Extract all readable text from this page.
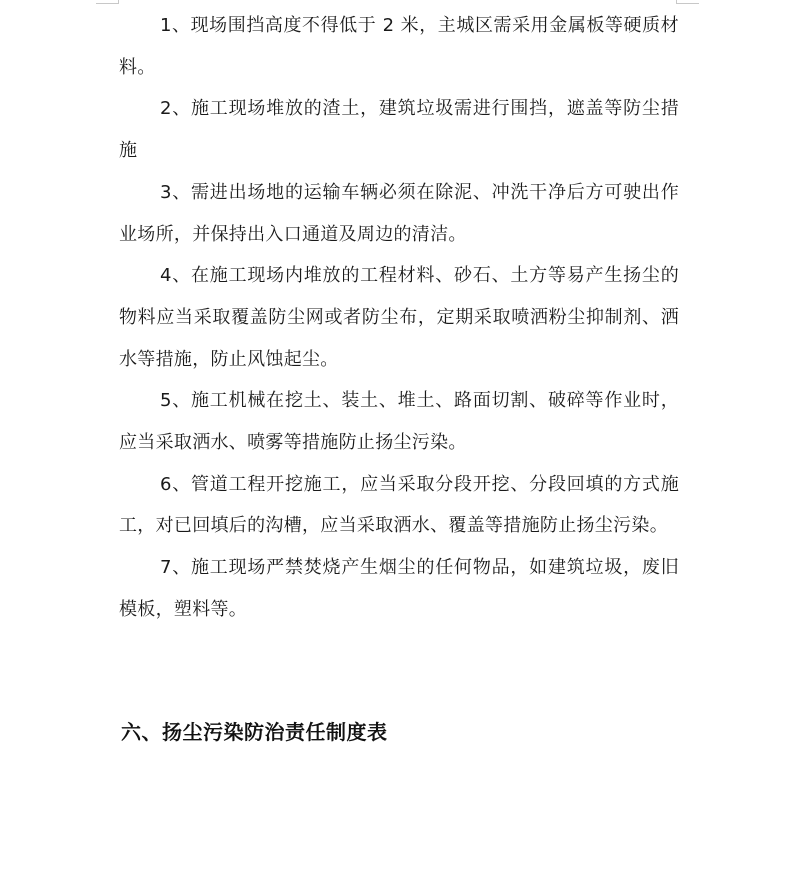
1、现场围挡高度不得低于 2 米，主城区需采用金属板等硬质材料。

2、施工现场堆放的渣土，建筑垃圾需进行围挡，遮盖等防尘措施

3、需进出场地的运输车辆必须在除泥、冲洗干净后方可驶出作业场所，并保持出入口通道及周边的清洁。

4、在施工现场内堆放的工程材料、砂石、土方等易产生扬尘的物料应当采取覆盖防尘网或者防尘布，定期采取喷洒粉尘抑制剂、洒水等措施，防止风蚀起尘。

5、施工机械在挖土、装土、堆土、路面切割、破碎等作业时，应当采取洒水、喷雾等措施防止扬尘污染。

6、管道工程开挖施工，应当采取分段开挖、分段回填的方式施工，对已回填后的沟槽，应当采取洒水、覆盖等措施防止扬尘污染。

7、施工现场严禁焚烧产生烟尘的任何物品，如建筑垃圾，废旧模板，塑料等。

六、扬尘污染防治责任制度表
